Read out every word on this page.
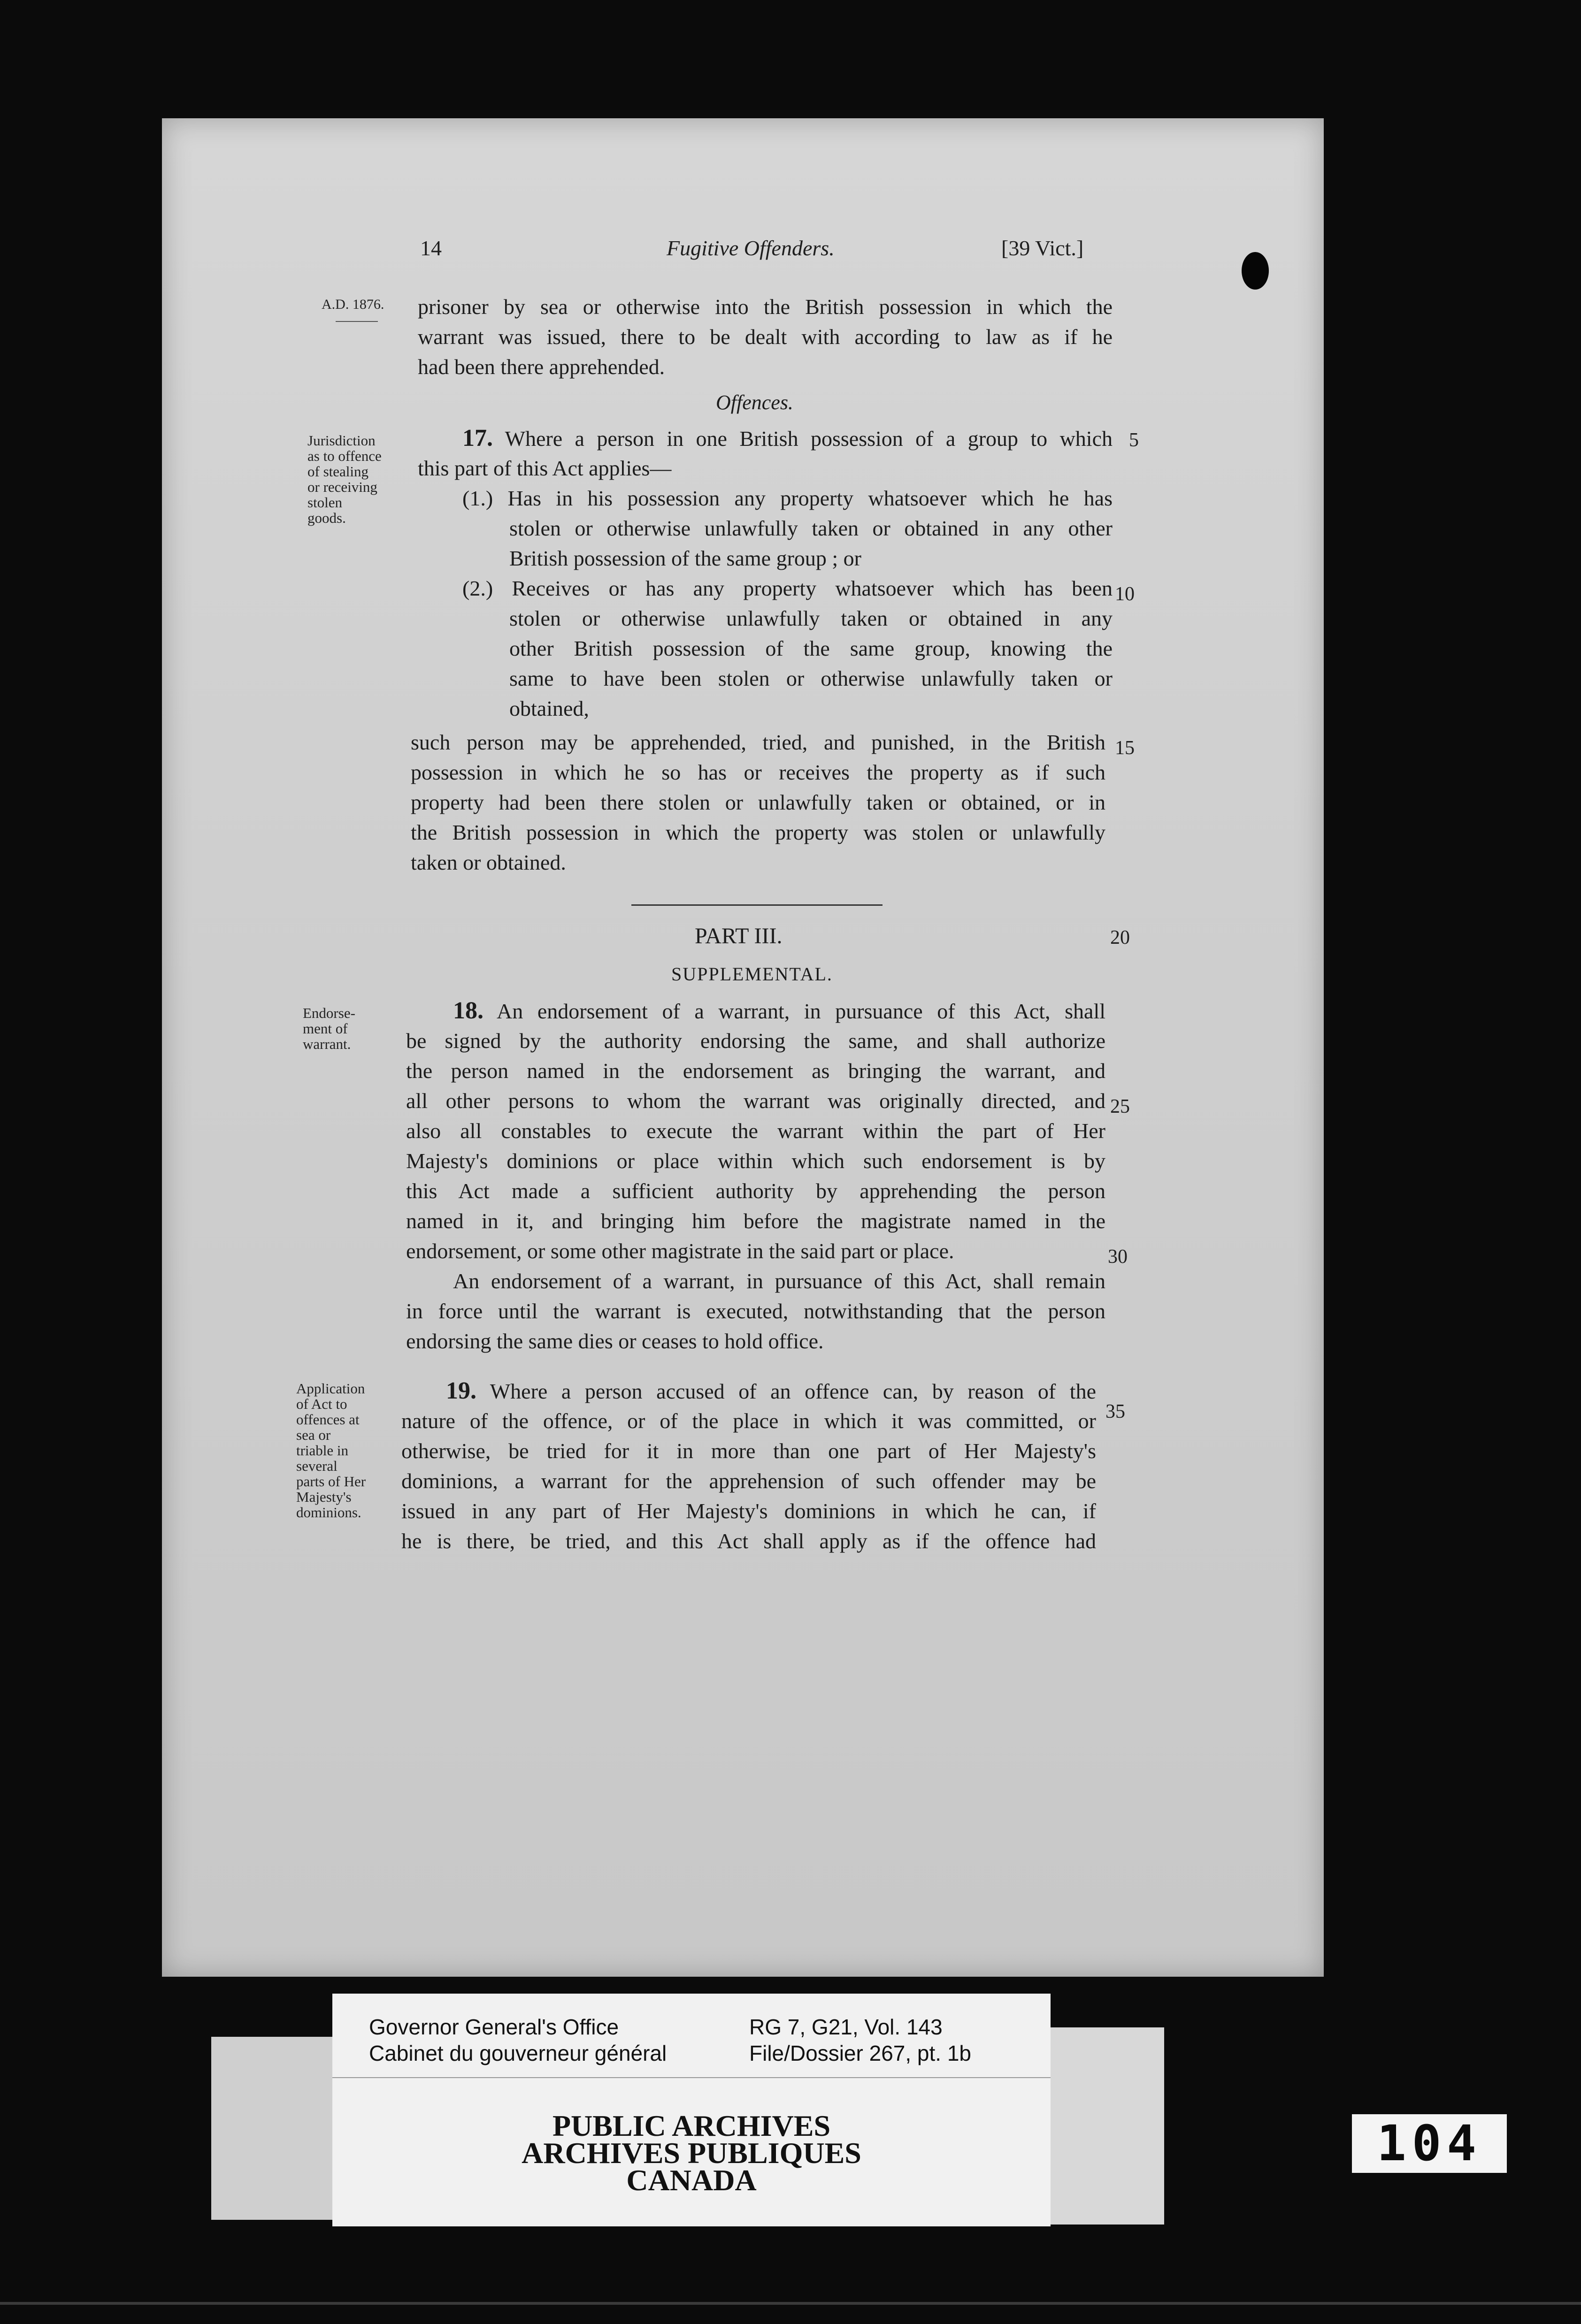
14	Fugitive Offenders.	[39 Vict.]
A.D. 1876.
Jurisdiction
as to offence
of stealing
or receiving
stolen
goods.
Endorse-
ment of
warrant.
Application
of Act to
offences at
sea or
triable in
several
parts of Her
Majesty's
dominions.
5
10
15
20
25
30
35
prisoner by sea or otherwise into the British possession in which the
warrant was issued, there to be dealt with according to law as if he
had been there apprehended.
Offences.
17. Where a person in one British possession of a group to which
this part of this Act applies—
(1.) Has in his possession any property whatsoever which he has
stolen or otherwise unlawfully taken or obtained in any other
British possession of the same group ; or
(2.) Receives or has any property whatsoever which has been
stolen or otherwise unlawfully taken or obtained in any
other British possession of the same group, knowing the
same to have been stolen or otherwise unlawfully taken or
obtained,
such person may be apprehended, tried, and punished, in the British
possession in which he so has or receives the property as if such
property had been there stolen or unlawfully taken or obtained, or in
the British possession in which the property was stolen or unlawfully
taken or obtained.
PART III.
SUPPLEMENTAL.
18. An endorsement of a warrant, in pursuance of this Act, shall
be signed by the authority endorsing the same, and shall authorize
the person named in the endorsement as bringing the warrant, and
all other persons to whom the warrant was originally directed, and
also all constables to execute the warrant within the part of Her
Majesty's dominions or place within which such endorsement is by
this Act made a sufficient authority by apprehending the person
named in it, and bringing him before the magistrate named in the
endorsement, or some other magistrate in the said part or place.
An endorsement of a warrant, in pursuance of this Act, shall remain
in force until the warrant is executed, notwithstanding that the person
endorsing the same dies or ceases to hold office.
19. Where a person accused of an offence can, by reason of the
nature of the offence, or of the place in which it was committed, or
otherwise, be tried for it in more than one part of Her Majesty's
dominions, a warrant for the apprehension of such offender may be
issued in any part of Her Majesty's dominions in which he can, if
he is there, be tried, and this Act shall apply as if the offence had
Governor General's Office
Cabinet du gouverneur général
RG 7, G21, Vol. 143
File/Dossier 267, pt. 1b
PUBLIC ARCHIVES
ARCHIVES PUBLIQUES
CANADA
104
